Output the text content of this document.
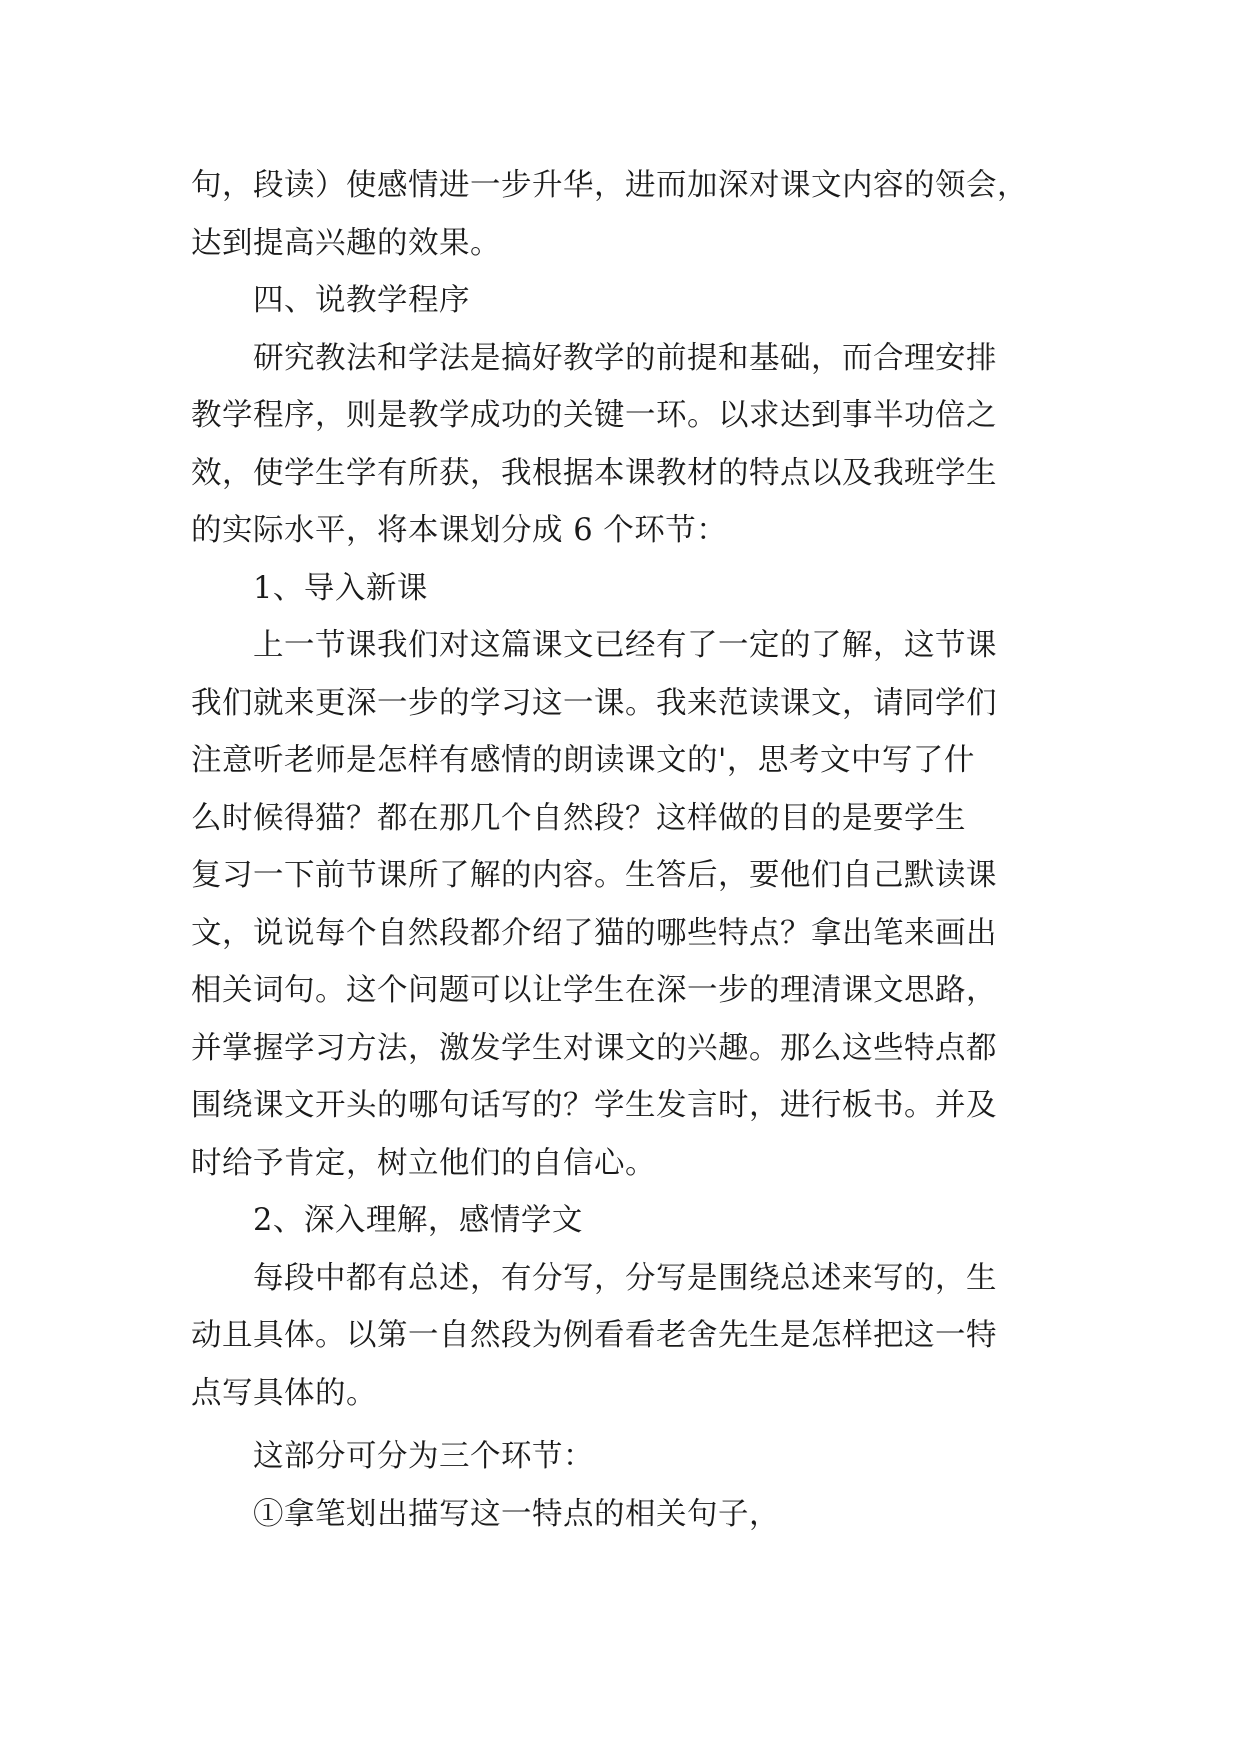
句，段读）使感情进一步升华，进而加深对课文内容的领会，
达到提高兴趣的效果。
四、说教学程序
研究教法和学法是搞好教学的前提和基础，而合理安排
教学程序，则是教学成功的关键一环。以求达到事半功倍之
效，使学生学有所获，我根据本课教材的特点以及我班学生
的实际水平，将本课划分成 6 个环节：
1、导入新课
上一节课我们对这篇课文已经有了一定的了解，这节课
我们就来更深一步的学习这一课。我来范读课文，请同学们
注意听老师是怎样有感情的朗读课文的'，思考文中写了什
么时候得猫？都在那几个自然段？这样做的目的是要学生
复习一下前节课所了解的内容。生答后，要他们自己默读课
文，说说每个自然段都介绍了猫的哪些特点？拿出笔来画出
相关词句。这个问题可以让学生在深一步的理清课文思路，
并掌握学习方法，激发学生对课文的兴趣。那么这些特点都
围绕课文开头的哪句话写的？学生发言时，进行板书。并及
时给予肯定，树立他们的自信心。
2、深入理解，感情学文
每段中都有总述，有分写，分写是围绕总述来写的，生
动且具体。以第一自然段为例看看老舍先生是怎样把这一特
点写具体的。
这部分可分为三个环节：
①拿笔划出描写这一特点的相关句子，
